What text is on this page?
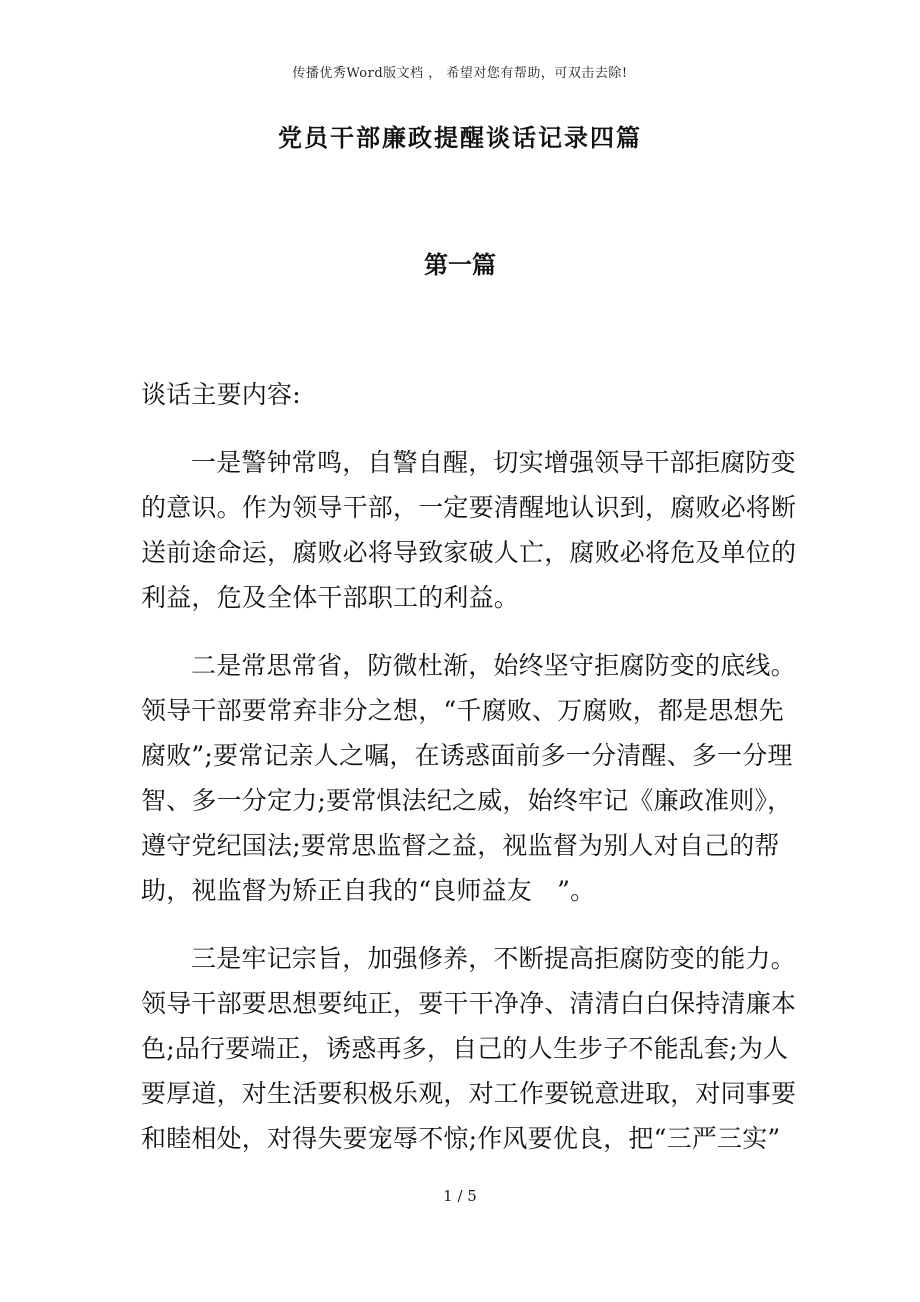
传播优秀Word版文档 ， 希望对您有帮助，可双击去除!
党员干部廉政提醒谈话记录四篇
第一篇

谈话主要内容:

一是警钟常鸣，自警自醒，切实增强领导干部拒腐防变的意识。作为领导干部，一定要清醒地认识到，腐败必将断送前途命运，腐败必将导致家破人亡，腐败必将危及单位的利益，危及全体干部职工的利益。

二是常思常省，防微杜渐，始终坚守拒腐防变的底线。领导干部要常弃非分之想，“千腐败、万腐败，都是思想先腐败”;要常记亲人之嘱，在诱惑面前多一分清醒、多一分理智、多一分定力;要常惧法纪之威，始终牢记《廉政准则》，遵守党纪国法;要常思监督之益，视监督为别人对自己的帮助，视监督为矫正自我的“良师益友　”。

三是牢记宗旨，加强修养，不断提高拒腐防变的能力。领导干部要思想要纯正，要干干净净、清清白白保持清廉本色;品行要端正，诱惑再多，自己的人生步子不能乱套;为人要厚道，对生活要积极乐观，对工作要锐意进取，对同事要和睦相处，对得失要宠辱不惊;作风要优良，把“三严三实”

1 / 5
